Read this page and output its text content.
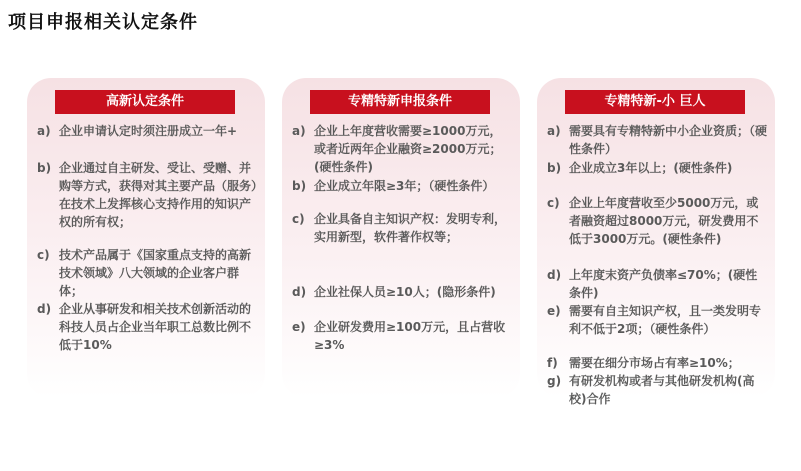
项目申报相关认定条件
高新认定条件
a) 企业申请认定时须注册成立一年+
b) 企业通过自主研发、受让、受赠、并购等方式，获得对其主要产品（服务）在技术上发挥核心支持作用的知识产权的所有权；
c) 技术产品属于《国家重点支持的高新技术领域》八大领域的企业客户群体；
d) 企业从事研发和相关技术创新活动的科技人员占企业当年职工总数比例不低于10%
专精特新申报条件
a) 企业上年度营收需要≥1000万元，或者近两年企业融资≥2000万元；(硬性条件)
b) 企业成立年限≥3年；（硬性条件）
c) 企业具备自主知识产权：发明专利，实用新型，软件著作权等；
d) 企业社保人员≥10人；(隐形条件)
e) 企业研发费用≥100万元，且占营收≥3%
专精特新-小 巨人
a) 需要具有专精特新中小企业资质；（硬性条件）
b) 企业成立3年以上；(硬性条件)
c) 企业上年度营收至少5000万元，或者融资超过8000万元，研发费用不低于3000万元。(硬性条件)
d) 上年度末资产负债率≤70%；(硬性条件)
e) 需要有自主知识产权，且一类发明专利不低于2项；（硬性条件）
f) 需要在细分市场占有率≥10%；
g) 有研发机构或者与其他研发机构(高校)合作
